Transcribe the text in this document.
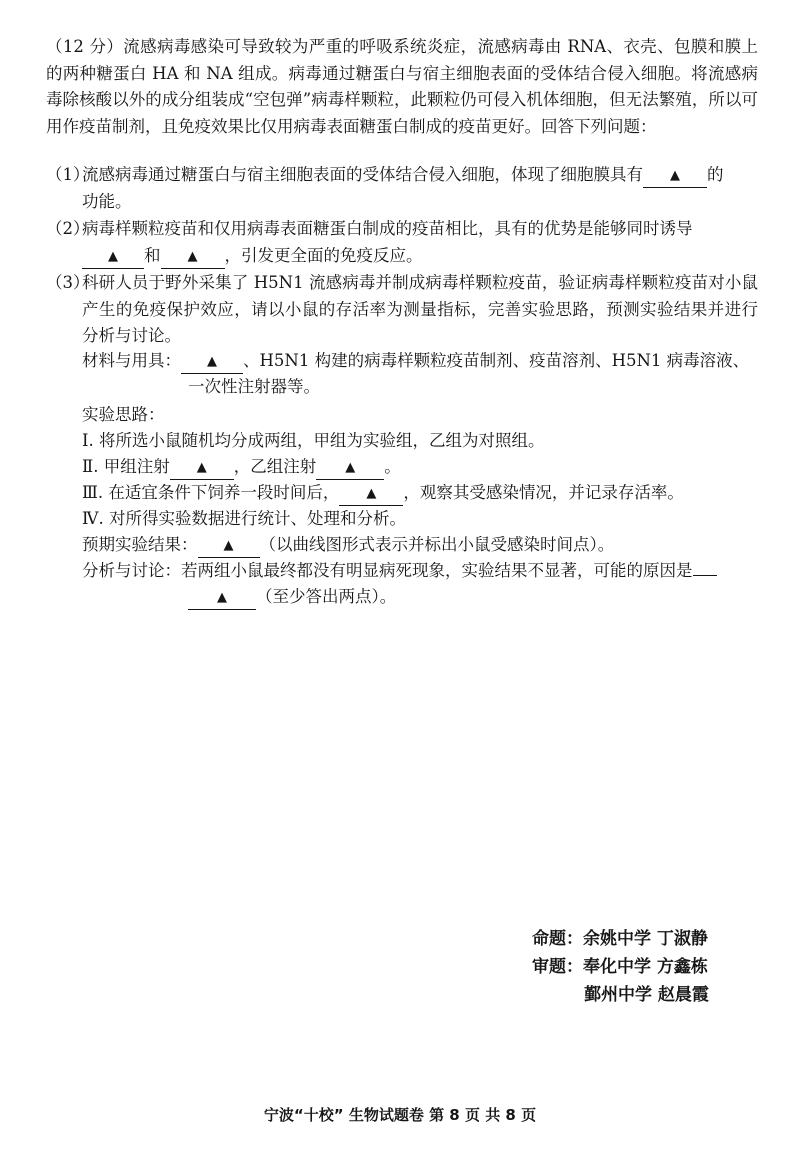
（12 分）流感病毒感染可导致较为严重的呼吸系统炎症，流感病毒由 RNA、衣壳、包膜和膜上的两种糖蛋白 HA 和 NA 组成。病毒通过糖蛋白与宿主细胞表面的受体结合侵入细胞。将流感病毒除核酸以外的成分组装成“空包弹”病毒样颗粒，此颗粒仍可侵入机体细胞，但无法繁殖，所以可用作疫苗制剂，且免疫效果比仅用病毒表面糖蛋白制成的疫苗更好。回答下列问题：
（1）
流感病毒通过糖蛋白与宿主细胞表面的受体结合侵入细胞，体现了细胞膜具有 ▲ 的
功能。
（2）
病毒样颗粒疫苗和仅用病毒表面糖蛋白制成的疫苗相比，具有的优势是能够同时诱导
▲ 和 ▲ ，引发更全面的免疫反应。
（3）
科研人员于野外采集了 H5N1 流感病毒并制成病毒样颗粒疫苗，验证病毒样颗粒疫苗对小鼠产生的免疫保护效应，请以小鼠的存活率为测量指标，完善实验思路，预测实验结果并进行分析与讨论。
材料与用具： ▲ 、H5N1 构建的病毒样颗粒疫苗制剂、疫苗溶剂、H5N1 病毒溶液、
一次性注射器等。
实验思路：
Ⅰ. 将所选小鼠随机均分成两组，甲组为实验组，乙组为对照组。
Ⅱ. 甲组注射 ▲ ，乙组注射 ▲ 。
Ⅲ. 在适宜条件下饲养一段时间后， ▲ ，观察其受感染情况，并记录存活率。
Ⅳ. 对所得实验数据进行统计、处理和分析。
预期实验结果： ▲ （以曲线图形式表示并标出小鼠受感染时间点）。
分析与讨论：若两组小鼠最终都没有明显病死现象，实验结果不显著，可能的原因是
▲ （至少答出两点）。
命题：余姚中学 丁淑静
审题：奉化中学 方鑫栋
鄞州中学 赵晨霞
宁波“十校” 生物试题卷 第 8 页 共 8 页
